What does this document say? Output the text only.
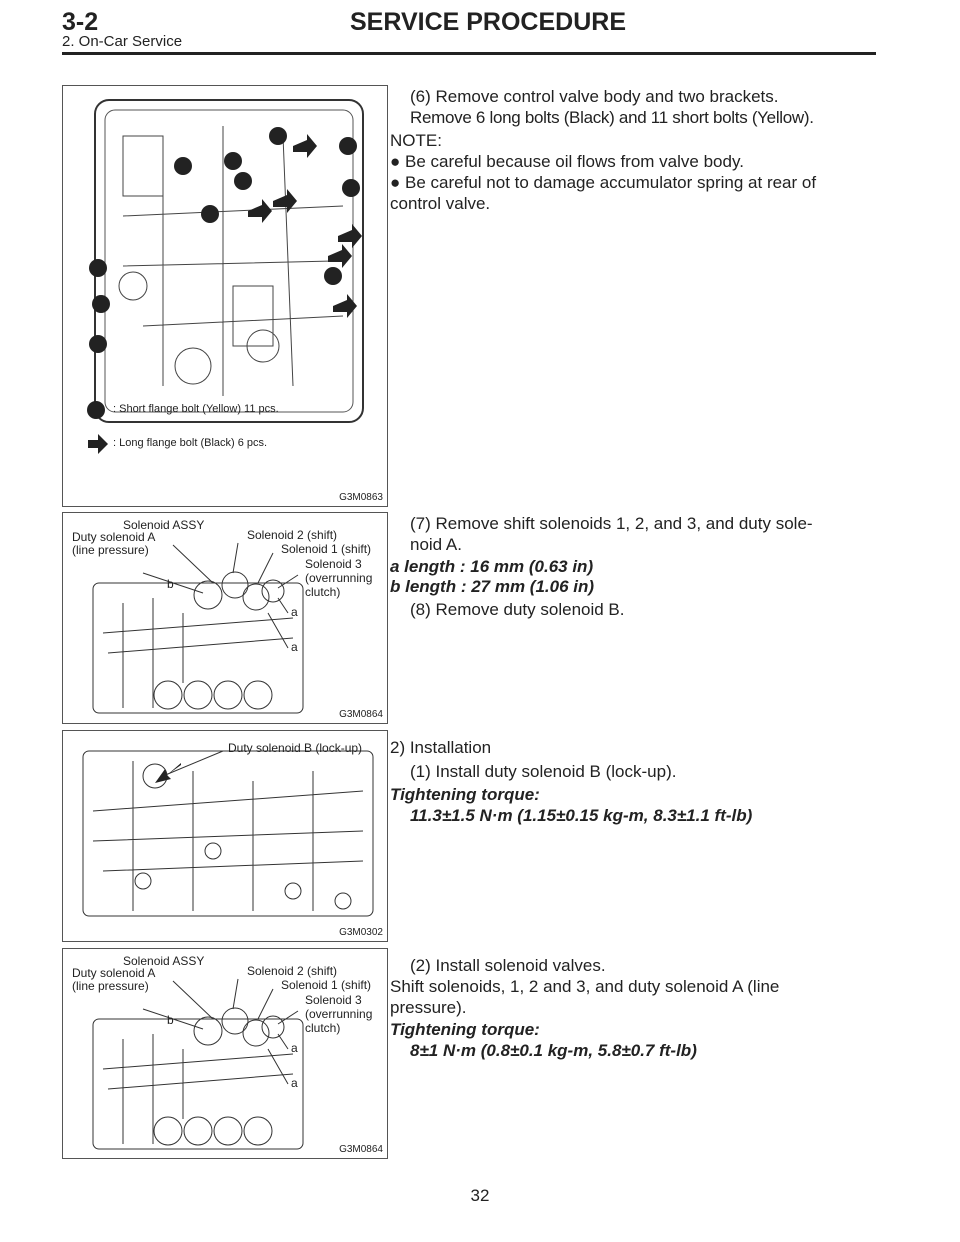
3-2
2. On-Car Service
SERVICE PROCEDURE
: Short flange bolt (Yellow) 11 pcs.
: Long flange bolt (Black) 6 pcs.
G3M0863
Solenoid ASSY
Duty solenoid A
(line pressure)
Solenoid 2 (shift)
Solenoid 1 (shift)
Solenoid 3
(overrunning
clutch)
b
a
a
G3M0864
Duty solenoid B (lock-up)
G3M0302
Solenoid ASSY
Duty solenoid A
(line pressure)
Solenoid 2 (shift)
Solenoid 1 (shift)
Solenoid 3
(overrunning
clutch)
b
a
a
G3M0864
(6) Remove control valve body and two brackets.
Remove 6 long bolts (Black) and 11 short bolts (Yellow).
NOTE:
● Be careful because oil flows from valve body.
● Be careful not to damage accumulator spring at rear of
control valve.
(7) Remove shift solenoids 1, 2, and 3, and duty sole-
noid A.
a length : 16 mm (0.63 in)
b length : 27 mm (1.06 in)
(8) Remove duty solenoid B.
2) Installation
(1) Install duty solenoid B (lock-up).
Tightening torque:
11.3±1.5 N·m (1.15±0.15 kg-m, 8.3±1.1 ft-lb)
(2) Install solenoid valves.
Shift solenoids, 1, 2 and 3, and duty solenoid A (line
pressure).
Tightening torque:
8±1 N·m (0.8±0.1 kg-m, 5.8±0.7 ft-lb)
32
